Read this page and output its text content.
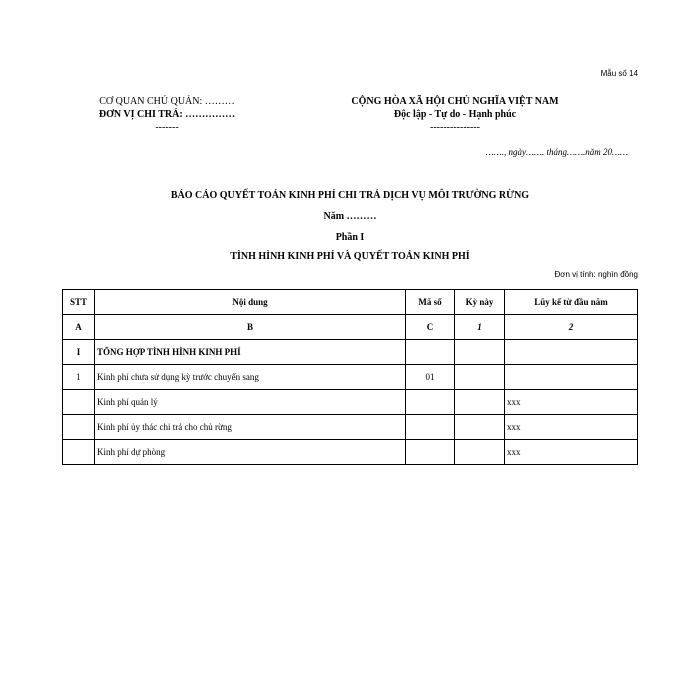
Mẫu số 14
CƠ QUAN CHỦ QUẢN: ………
ĐƠN VỊ CHI TRẢ: ……………
-------
CỘNG HÒA XÃ HỘI CHỦ NGHĨA VIỆT NAM
Độc lập - Tự do - Hạnh phúc
---------------
……., ngày……. tháng…….năm 20……
BÁO CÁO QUYẾT TOÁN KINH PHÍ CHI TRẢ DỊCH VỤ MÔI TRƯỜNG RỪNG
Năm ………
Phần I
TÌNH HÌNH KINH PHÍ VÀ QUYẾT TOÁN KINH PHÍ
Đơn vị tính: nghìn đồng
STT	Nội dung	Mã số	Kỳ này	Lũy kế từ đầu năm
A	B	C	1	2
I	TỔNG HỢP TÌNH HÌNH KINH PHÍ			
1	Kinh phí chưa sử dụng kỳ trước chuyển sang	01		
	Kinh phí quản lý			xxx
	Kinh phí ủy thác chi trả cho chủ rừng			xxx
	Kinh phí dự phòng			xxx
